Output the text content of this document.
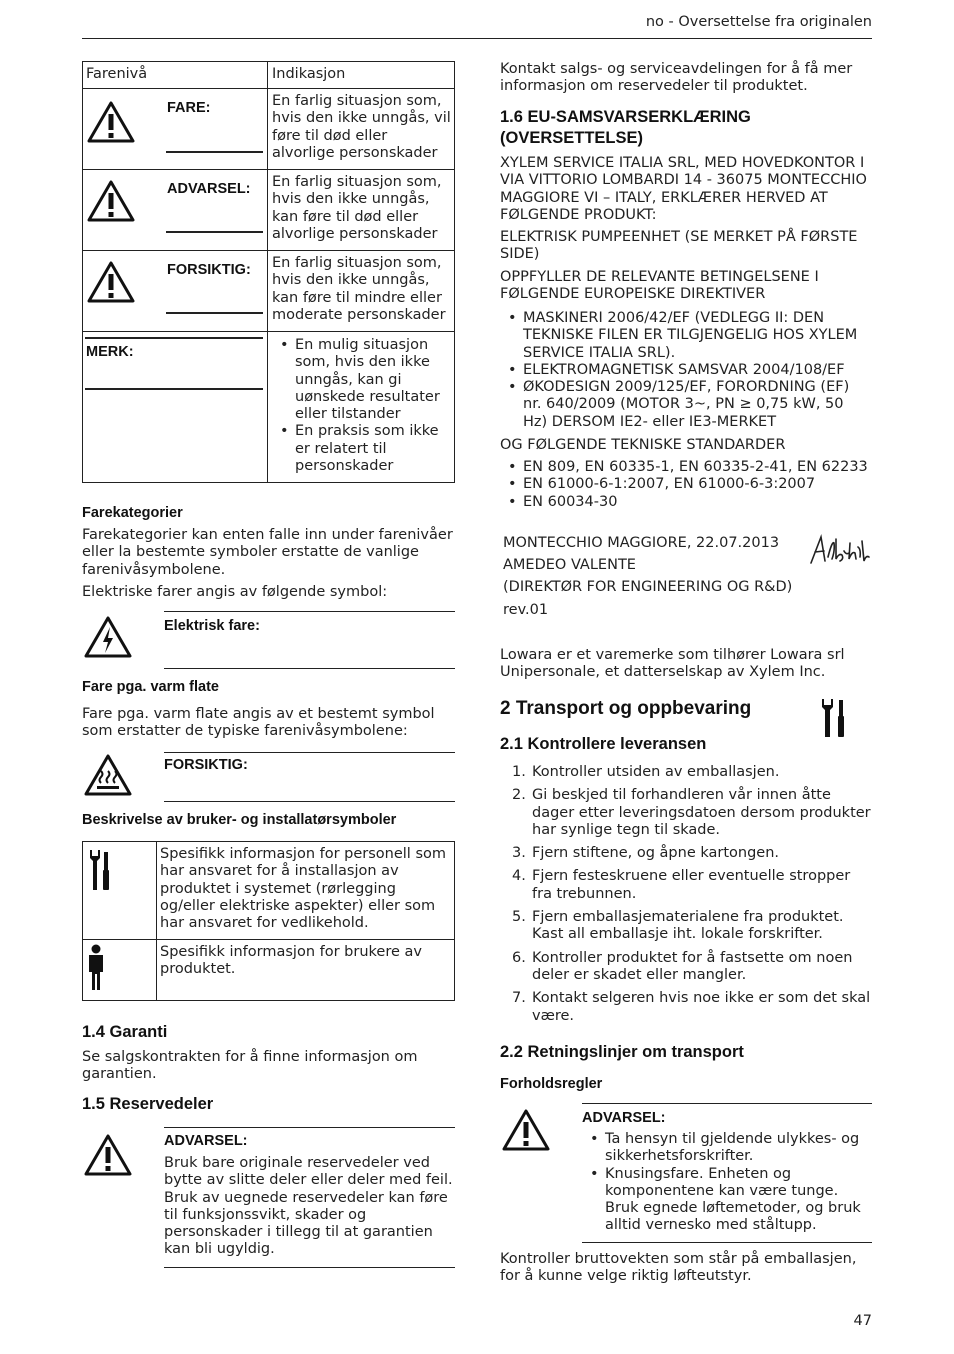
no - Oversettelse fra originalen
Farenivå	Indikasjon
FARE:	En farlig situasjon som, hvis den ikke unngås, vil føre til død eller alvorlige personskader
ADVARSEL: En farlig situasjon som, hvis den ikke unngås, kan føre til død eller alvorlige personskader
FORSIKTIG: En farlig situasjon som, hvis den ikke unngås, kan føre til mindre eller moderate personskader
MERK:
•	En mulig situasjon som, hvis den ikke unngås, kan gi uønskede resultater eller tilstander
• En praksis som ikke er relatert til personskader
Farekategorier
Farekategorier kan enten falle inn under farenivåer eller la bestemte symboler erstatte de vanlige farenivåsymbolene.
Elektriske farer angis av følgende symbol:
Elektrisk fare:
Fare pga. varm flate
Fare pga. varm flate angis av et bestemt symbol som erstatter de typiske farenivåsymbolene:
FORSIKTIG:
Beskrivelse av bruker- og installatørsymboler
Spesifikk informasjon for personell som har ansvaret for å installasjon av produktet i systemet (rørlegging og/eller elektriske aspekter) eller som har ansvaret for vedlikehold.
Spesifikk informasjon for brukere av produktet.
1.4 Garanti
Se salgskontrakten for å finne informasjon om garantien.
1.5 Reservedeler
ADVARSEL:
Bruk bare originale reservedeler ved bytte av slitte deler eller deler med feil. Bruk av uegnede reservedeler kan føre til funksjonssvikt, skader og personskader i tillegg til at garantien kan bli ugyldig.
Kontakt salgs- og serviceavdelingen for å få mer informasjon om reservedeler til produktet.
1.6 EU-SAMSVARSERKLÆRING (OVERSETTELSE)
XYLEM SERVICE ITALIA SRL, MED HOVEDKONTOR I VIA VITTORIO LOMBARDI 14 - 36075 MONTECCHIO MAGGIORE VI – ITALY, ERKLÆRER HERVED AT FØLGENDE PRODUKT:
ELEKTRISK PUMPEENHET (SE MERKET PÅ FØRSTE SIDE)
OPPFYLLER DE RELEVANTE BETINGELSENE I FØLGENDE EUROPEISKE DIREKTIVER
• MASKINERI 2006/42/EF (VEDLEGG II: DEN TEKNISKE FILEN ER TILGJENGELIG HOS XYLEM SERVICE ITALIA SRL).
• ELEKTROMAGNETISK SAMSVAR 2004/108/EF
• ØKODESIGN 2009/125/EF, FORORDNING (EF) nr. 640/2009 (MOTOR 3~, PN ≥ 0,75 kW, 50 Hz) DERSOM IE2- eller IE3-MERKET
OG FØLGENDE TEKNISKE STANDARDER
• EN 809, EN 60335-1, EN 60335-2-41, EN 62233
• EN 61000-6-1:2007, EN 61000-6-3:2007
• EN 60034-30
MONTECCHIO MAGGIORE, 22.07.2013
AMEDEO VALENTE
(DIREKTØR FOR ENGINEERING OG R&D)
rev.01
Lowara er et varemerke som tilhører Lowara srl Unipersonale, et datterselskap av Xylem Inc.
2 Transport og oppbevaring
2.1 Kontrollere leveransen
1. Kontroller utsiden av emballasjen.
2. Gi beskjed til forhandleren vår innen åtte dager etter leveringsdatoen dersom produkter har synlige tegn til skade.
3. Fjern stiftene, og åpne kartongen.
4. Fjern festeskruene eller eventuelle stropper fra trebunnen.
5. Fjern emballasjematerialene fra produktet. Kast all emballasje iht. lokale forskrifter.
6. Kontroller produktet for å fastsette om noen deler er skadet eller mangler.
7. Kontakt selgeren hvis noe ikke er som det skal være.
2.2 Retningslinjer om transport
Forholdsregler
ADVARSEL:
• Ta hensyn til gjeldende ulykkes- og sikkerhetsforskrifter.
• Knusingsfare. Enheten og komponentene kan være tunge. Bruk egnede løftemetoder, og bruk alltid vernesko med ståltupp.
Kontroller bruttovekten som står på emballasjen, for å kunne velge riktig løfteutstyr.
47
